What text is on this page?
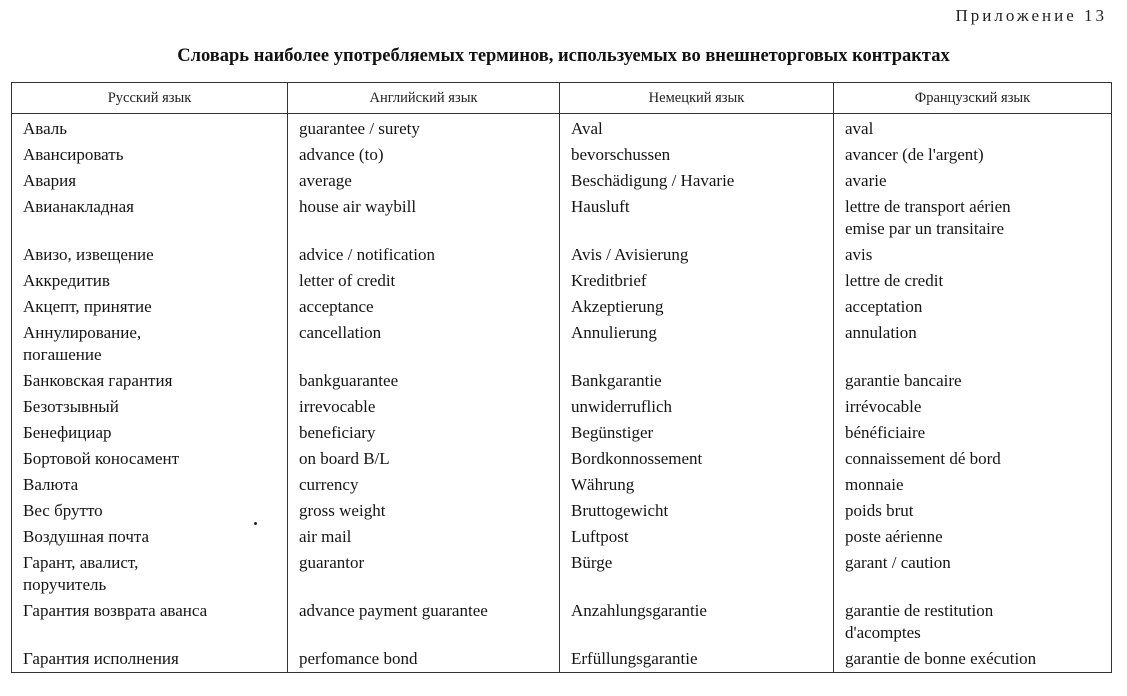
Приложение 13
Словарь наиболее употребляемых терминов, используемых во внешнеторговых контрактах
Русский язык	Английский язык	Немецкий язык	Французский язык
Аваль	guarantee / surety	Aval	aval
Авансировать	advance (to)	bevorschussen	avancer (de l'argent)
Авария	average	Beschädigung / Havarie	avarie
Авианакладная	house air waybill	Hausluft	lettre de transport aérien
emise par un transitaire
Авизо, извещение	advice / notification	Avis / Avisierung	avis
Аккредитив	letter of credit	Kreditbrief	lettre de credit
Акцепт, принятие	acceptance	Akzeptierung	acceptation
Аннулирование,
погашение	cancellation	Annulierung	annulation
Банковская гарантия	bankguarantee	Bankgarantie	garantie bancaire
Безотзывный	irrevocable	unwiderruflich	irrévocable
Бенефициар	beneficiary	Begünstiger	bénéficiaire
Бортовой коносамент	on board B/L	Bordkonnossement	connaissement dé bord
Валюта	currency	Währung	monnaie
Вес брутто	gross weight	Bruttogewicht	poids brut
Воздушная почта	air mail	Luftpost	poste aérienne
Гарант, авалист,
поручитель	guarantor	Bürge	garant / caution
Гарантия возврата аванса	advance payment guarantee	Anzahlungsgarantie	garantie de restitution
d'acomptes
Гарантия исполнения	perfomance bond	Erfüllungsgarantie	garantie de bonne exécution
